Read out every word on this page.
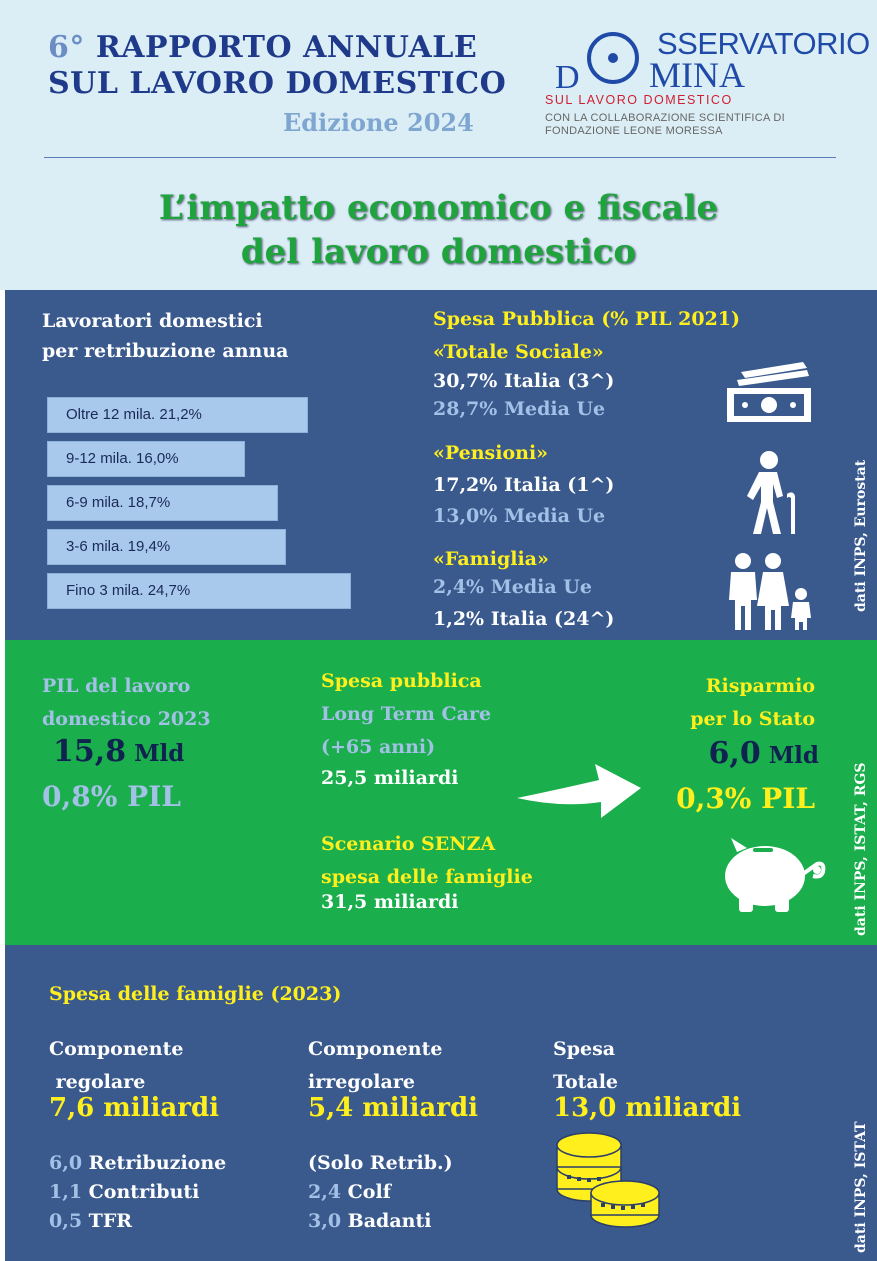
6° RAPPORTO ANNUALE
SUL LAVORO DOMESTICO
Edizione 2024
SSERVATORIO
D MINA
SUL LAVORO DOMESTICO
CON LA COLLABORAZIONE SCIENTIFICA DI FONDAZIONE LEONE MORESSA
L’impatto economico e fiscale
del lavoro domestico
Lavoratori domestici
per retribuzione annua
Oltre 12 mila. 21,2%
9-12 mila. 16,0%
6-9 mila. 18,7%
3-6 mila. 19,4%
Fino 3 mila. 24,7%
Spesa Pubblica (% PIL 2021)
«Totale Sociale»
30,7% Italia (3^)
28,7% Media Ue
«Pensioni»
17,2% Italia (1^)
13,0% Media Ue
«Famiglia»
2,4% Media Ue
1,2% Italia (24^)
dati INPS, Eurostat
PIL del lavoro
domestico 2023
15,8 Mld
0,8% PIL
Spesa pubblica
Long Term Care
(+65 anni)
25,5 miliardi
Scenario SENZA
spesa delle famiglie
31,5 miliardi
Risparmio
per lo Stato
6,0 Mld
0,3% PIL	dati INPS, ISTAT, RGS
Spesa delle famiglie (2023)
Componente
regolare
7,6 miliardi
6,0 Retribuzione
1,1 Contributi
0,5 TFR
Componente
irregolare
5,4 miliardi
(Solo Retrib.)
2,4 Colf
3,0 Badanti
Spesa
Totale
13,0 miliardi
dati INPS, ISTAT
